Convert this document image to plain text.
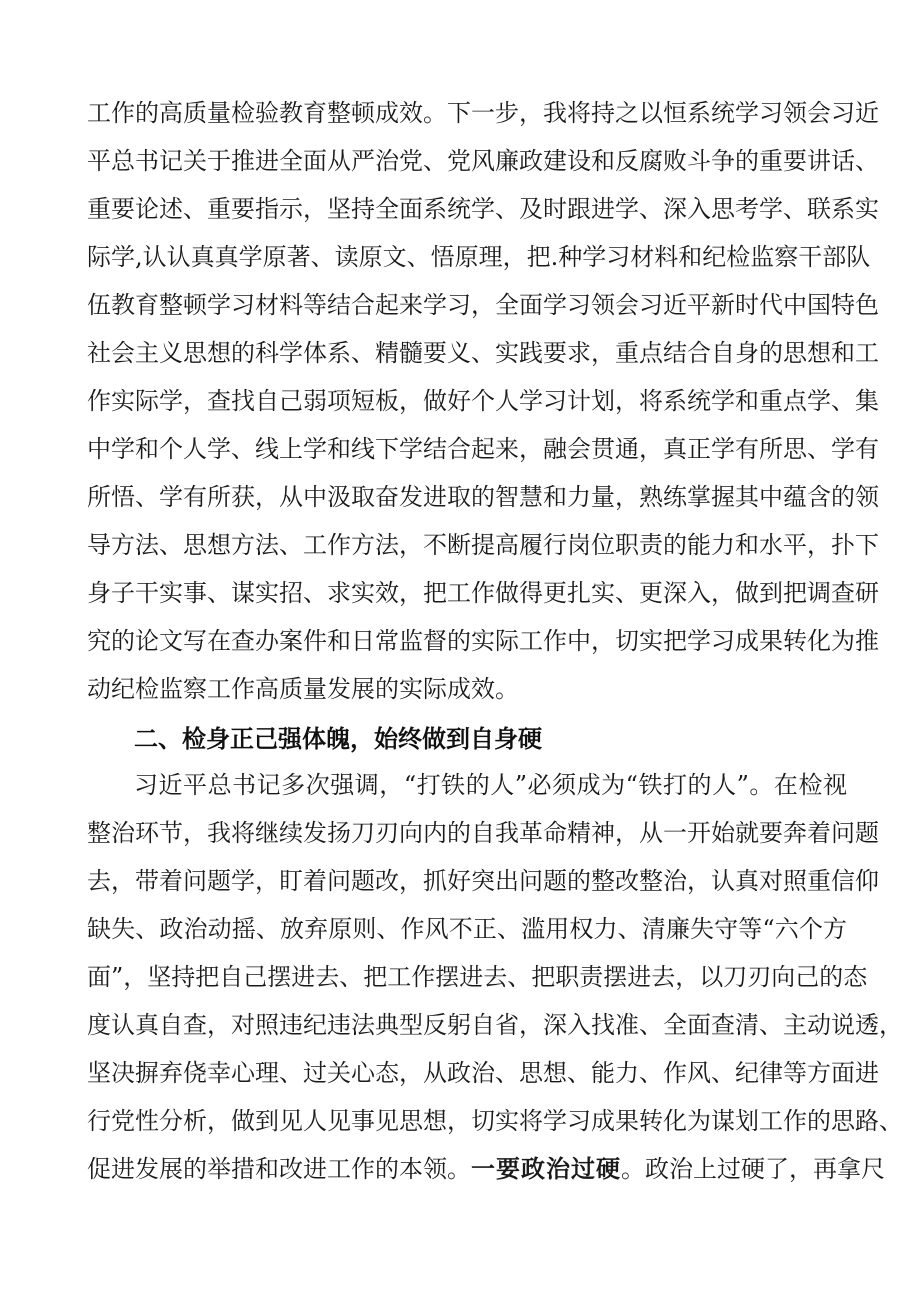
工作的高质量检验教育整顿成效。下一步，我将持之以恒系统学习领会习近

平总书记关于推进全面从严治党、党风廉政建设和反腐败斗争的重要讲话、

重要论述、重要指示，坚持全面系统学、及时跟进学、深入思考学、联系实

际学,认认真真学原著、读原文、悟原理，把.种学习材料和纪检监察干部队

伍教育整顿学习材料等结合起来学习，全面学习领会习近平新时代中国特色

社会主义思想的科学体系、精髓要义、实践要求，重点结合自身的思想和工

作实际学，查找自己弱项短板，做好个人学习计划，将系统学和重点学、集

中学和个人学、线上学和线下学结合起来，融会贯通，真正学有所思、学有

所悟、学有所获，从中汲取奋发进取的智慧和力量，熟练掌握其中蕴含的领

导方法、思想方法、工作方法，不断提高履行岗位职责的能力和水平，扑下

身子干实事、谋实招、求实效，把工作做得更扎实、更深入，做到把调查研

究的论文写在查办案件和日常监督的实际工作中，切实把学习成果转化为推

动纪检监察工作高质量发展的实际成效。

二、检身正己强体魄，始终做到自身硬

习近平总书记多次强调，“打铁的人”必须成为“铁打的人”。在检视

整治环节，我将继续发扬刀刃向内的自我革命精神，从一开始就要奔着问题

去，带着问题学，盯着问题改，抓好突出问题的整改整治，认真对照重信仰

缺失、政治动摇、放弃原则、作风不正、滥用权力、清廉失守等“六个方

面”，坚持把自己摆进去、把工作摆进去、把职责摆进去，以刀刃向己的态

度认真自查，对照违纪违法典型反躬自省，深入找准、全面查清、主动说透，

坚决摒弃侥幸心理、过关心态，从政治、思想、能力、作风、纪律等方面进

行党性分析，做到见人见事见思想，切实将学习成果转化为谋划工作的思路、

促进发展的举措和改进工作的本领。一要政治过硬。政治上过硬了，再拿尺
